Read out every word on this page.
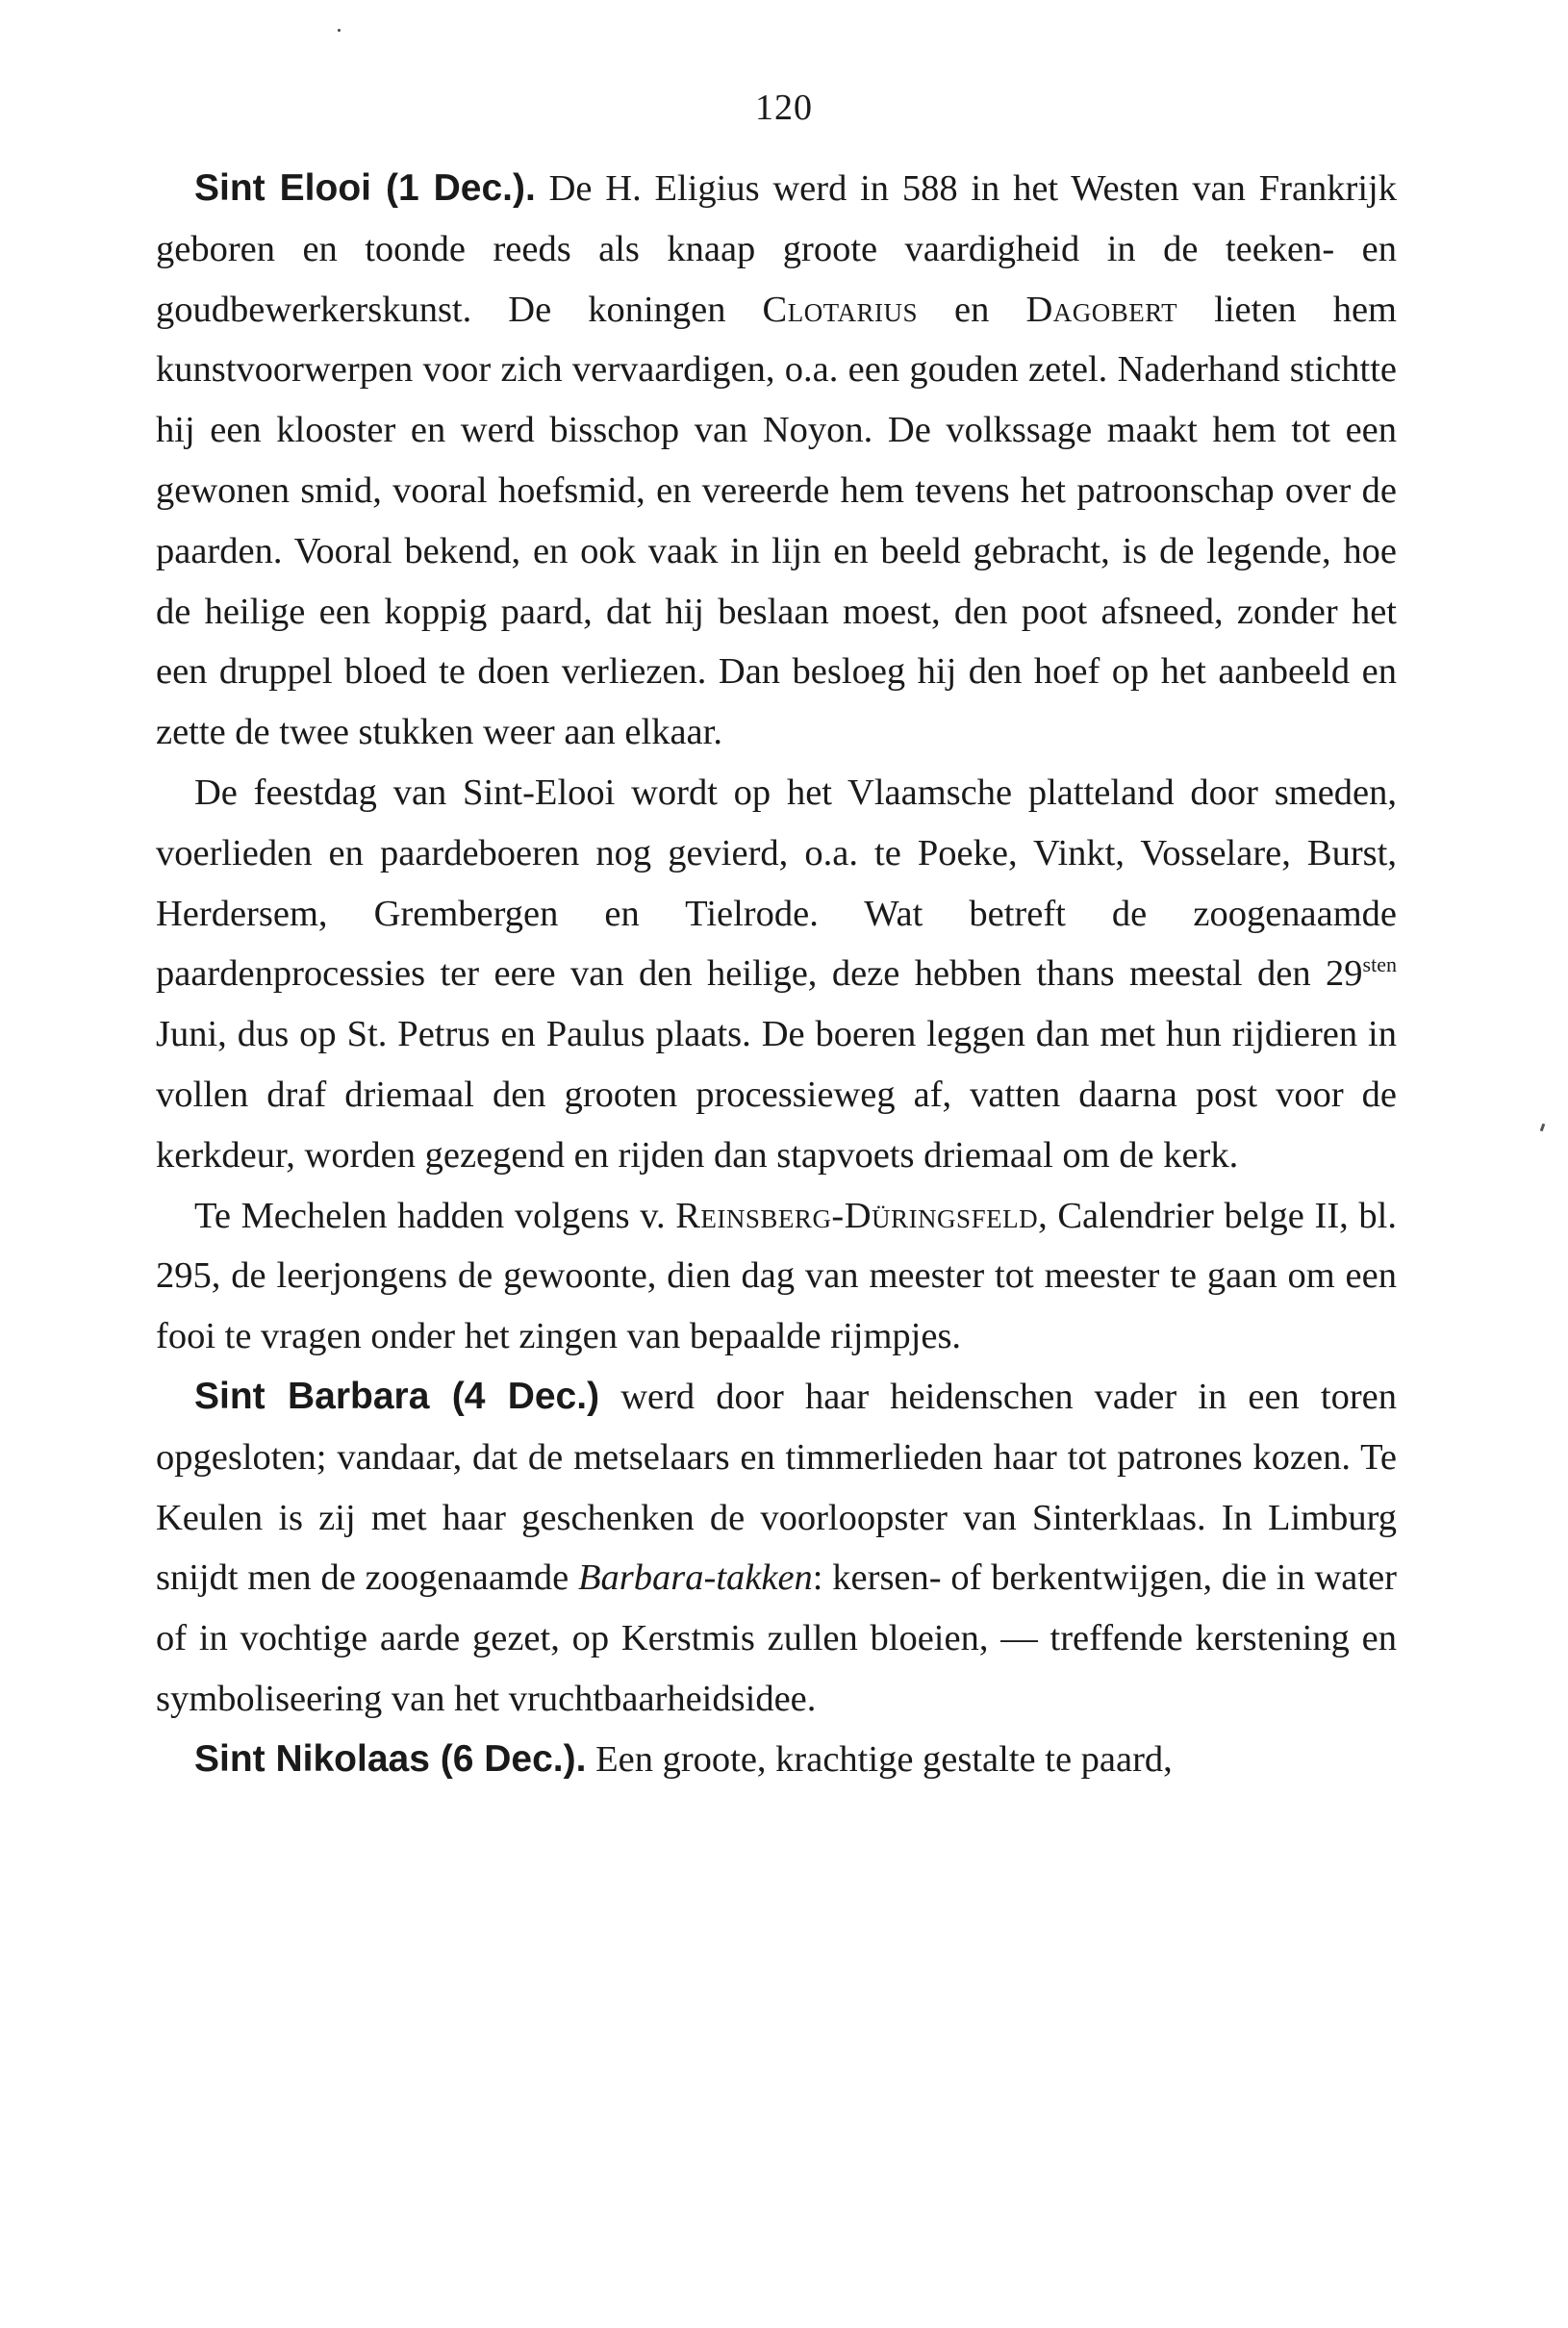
120

Sint Elooi (1 Dec.). De H. Eligius werd in 588 in het Westen van Frankrijk geboren en toonde reeds als knaap groote vaardigheid in de teeken- en goudbewerkerskunst. De koningen Clotarius en Dagobert lieten hem kunstvoorwerpen voor zich vervaardigen, o.a. een gouden zetel. Naderhand stichtte hij een klooster en werd bisschop van Noyon. De volkssage maakt hem tot een gewonen smid, vooral hoefsmid, en vereerde hem tevens het patroonschap over de paarden. Vooral bekend, en ook vaak in lijn en beeld gebracht, is de legende, hoe de heilige een koppig paard, dat hij beslaan moest, den poot afsneed, zonder het een druppel bloed te doen verliezen. Dan besloeg hij den hoef op het aanbeeld en zette de twee stukken weer aan elkaar.

De feestdag van Sint-Elooi wordt op het Vlaamsche platteland door smeden, voerlieden en paardeboeren nog gevierd, o.a. te Poeke, Vinkt, Vosselare, Burst, Herdersem, Grembergen en Tielrode. Wat betreft de zoogenaamde paardenprocessies ter eere van den heilige, deze hebben thans meestal den $29^{sten}$ Juni, dus op St. Petrus en Paulus plaats. De boeren leggen dan met hun rijdieren in vollen draf driemaal den grooten processieweg af, vatten daarna post voor de kerkdeur, worden gezegend en rijden dan stapvoets driemaal om de kerk.

Te Mechelen hadden volgens v. Reinsberg-Düringsfeld, Calendrier belge II, bl. 295, de leerjongens de gewoonte, dien dag van meester tot meester te gaan om een fooi te vragen onder het zingen van bepaalde rijmpjes.

Sint Barbara (4 Dec.) werd door haar heidenschen vader in een toren opgesloten; vandaar, dat de metselaars en timmerlieden haar tot patrones kozen. Te Keulen is zij met haar geschenken de voorloopster van Sinterklaas. In Limburg snijdt men de zoogenaamde Barbara-takken: kersen- of berkentwijgen, die in water of in vochtige aarde gezet, op Kerstmis zullen bloeien, — treffende kerstening en symboliseering van het vruchtbaarheidsidee.

Sint Nikolaas (6 Dec.). Een groote, krachtige gestalte te paard,
